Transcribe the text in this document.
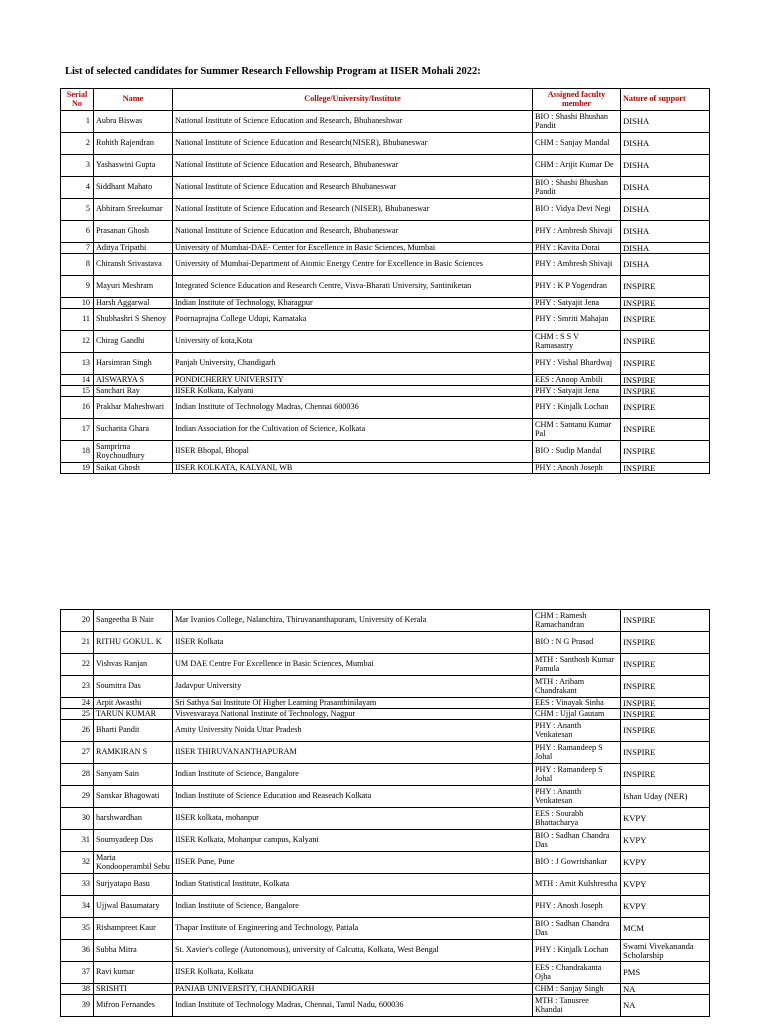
List of selected candidates for Summer Research Fellowship Program at IISER Mohali 2022:
Serial No	Name	College/University/Institute	Assigned faculty member	Nature of support
1	Aubra Biswas	National Institute of Science Education and Research, Bhubaneshwar	BIO : Shashi Bhushan Pandit	DISHA
2	Rohith Rajendran	National Institute of Science Education and Research(NISER), Bhubaneswar	CHM : Sanjay Mandal	DISHA
3	Yashaswini Gupta	National Institute of Science Education and Research, Bhubaneswar	CHM : Arijit Kumar De	DISHA
4	Siddhant Mahato	National Institute of Science Education and Research Bhubaneswar	BIO : Shashi Bhushan Pandit	DISHA
5	Abhiram Sreekumar	National Institute of Science Education and Research (NISER), Bhubaneswar	BIO : Vidya Devi Negi	DISHA
6	Prasanan Ghosh	National Institute of Science Education and Research, Bhubaneswar	PHY : Ambresh Shivaji	DISHA
7	Aditya Tripathi	University of Mumbai-DAE- Center for Excellence in Basic Sciences, Mumbai	PHY : Kavita Dorai	DISHA
8	Chiransh Srivastava	University of Mumbai-Department of Atomic Energy Centre for Excellence in Basic Sciences	PHY : Ambresh Shivaji	DISHA
9	Mayuri Meshram	Integrated Science Education and Research Centre, Visva-Bharati University, Santiniketan	PHY : K P Yogendran	INSPIRE
10	Harsh Aggarwal	Indian Institute of Technology, Kharagpur	PHY : Satyajit Jena	INSPIRE
11	Shubhashri S Shenoy	Poornaprajna College Udupi, Karnataka	PHY : Smriti Mahajan	INSPIRE
12	Chirag Gandhi	University of kota,Kota	CHM : S S V Ramasastry	INSPIRE
13	Harsimran Singh	Panjab University, Chandigarh	PHY : Vishal Bhardwaj	INSPIRE
14	AISWARYA S	PONDICHERRY UNIVERSITY	EES : Anoop Ambili	INSPIRE
15	Sanchari Ray	IISER Kolkata, Kalyani	PHY : Satyajit Jena	INSPIRE
16	Prakhar Maheshwari	Indian Institute of Technology Madras, Chennai 600036	PHY : Kinjalk Lochan	INSPIRE
17	Sucharita Ghara	Indian Association for the Cultivation of Science, Kolkata	CHM : Santanu Kumar Pal	INSPIRE
18	Samprirna Roychoudhury	IISER Bhopal, Bhopal	BIO : Sudip Mandal	INSPIRE
19	Saikat Ghosh	IISER KOLKATA, KALYANI, WB	PHY : Anosh Joseph	INSPIRE
20	Sangeetha B Nair	Mar Ivanios College, Nalanchira, Thiruvananthapuram, University of Kerala	CHM : Ramesh Ramachandran	INSPIRE
21	RITHU GOKUL. K	IISER Kolkata	BIO : N G Prasad	INSPIRE
22	Vishvas Ranjan	UM DAE Centre For Excellence in Basic Sciences, Mumbai	MTH : Santhosh Kumar Pamula	INSPIRE
23	Soumitra Das	Jadavpur University	MTH : Aribam Chandrakant	INSPIRE
24	Arpit Awasthi	Sri Sathya Sai Institute Of Higher Learning Prasanthinilayam	EES : Vinayak Sinha	INSPIRE
25	TARUN KUMAR	Visvesvaraya National Institute of Technology, Nagpur	CHM : Ujjal Gautam	INSPIRE
26	Bharti Pandit	Amity University Noida Uttar Pradesh	PHY : Ananth Venkatesan	INSPIRE
27	RAMKIRAN S	IISER THIRUVANANTHAPURAM	PHY : Ramandeep S Johal	INSPIRE
28	Sanyam Sain	Indian Institute of Science, Bangalore	PHY : Ramandeep S Johal	INSPIRE
29	Sanskar Bhagowati	Indian Institute of Science Education and Reaseach Kolkata	PHY : Ananth Venkatesan	Ishan Uday (NER)
30	harshwardhan	IISER kolkata, mohanpur	EES : Sourabh Bhattacharya	KVPY
31	Soumyadeep Das	IISER Kolkata, Mohanpur campus, Kalyani	BIO : Sadhan Chandra Das	KVPY
32	Maria Kondooperambil Sebu	IISER Pune, Pune	BIO : J Gowrishankar	KVPY
33	Surjyatapo Basu	Indian Statistical Institute, Kolkata	MTH : Amit Kulshrestha	KVPY
34	Ujjwal Basumatary	Indian Institute of Science, Bangalore	PHY : Anosh Joseph	KVPY
35	Rishampreet Kaur	Thapar Institute of Engineering and Technology, Patiala	BIO : Sadhan Chandra Das	MCM
36	Subha Mitra	St. Xavier's college (Autonomous), university of Calcutta, Kolkata, West Bengal	PHY : Kinjalk Lochan	Swami Vivekananda Scholarship
37	Ravi kumar	IISER Kolkata, Kolkata	EES : Chandrakanta Ojha	PMS
38	SRISHTI	PANJAB UNIVERSITY, CHANDIGARH	CHM : Sanjay Singh	NA
39	Mifron Fernandes	Indian Institute of Technology Madras, Chennai, Tamil Nadu, 600036	MTH : Tanusree Khandai	NA
